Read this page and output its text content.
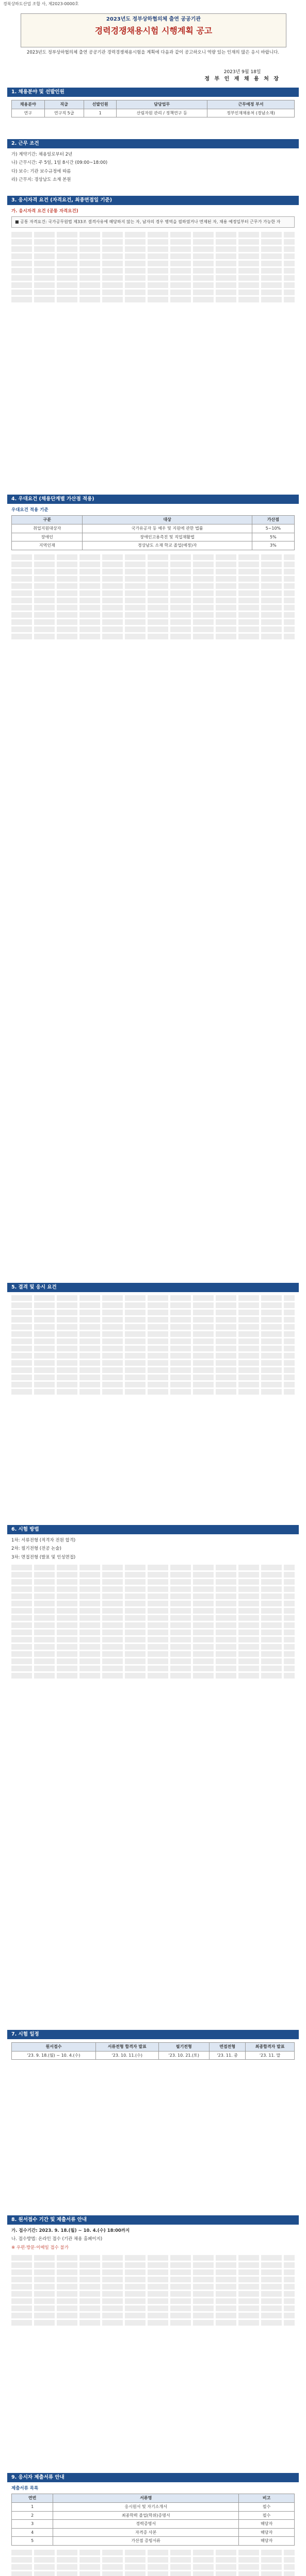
경북상하도산업 조합 사, 제2023-0000호
2023년도 정부상하협의체 출연 공공기관
경력경쟁채용시험 시행계획 공고
2023년도 정부상하협의체 출연 공공기관 경력경쟁채용시험을 계획에 다음과 같이 공고하오니 역량 있는 인재의 많은 응시 바랍니다.
2023년 9월 18일
정 부 인 재 채 용 처 장
1. 채용분야 및 선발인원
채용분야	직급	선발인원	담당업무	근무예정 부서
연구	연구직 5급	1	산림자원 관리 / 정책연구 등	정부인재채용처 (경남소재)
2. 근무 조건

가) 계약기간: 채용일로부터 2년

나) 근무시간: 주 5일, 1일 8시간 (09:00~18:00)

다) 보수: 기관 보수규정에 따름

라) 근무지: 경상남도 소재 본원

3. 응시자격 요건 (자격요건, 최종면접일 기준)

가. 응시자격 요건 (공통 자격요건)

■ 공통 자격요건: 국가공무원법 제33조 결격사유에 해당하지 않는 자, 남자의 경우 병역을 필하였거나 면제된 자, 채용 예정일부터 근무가 가능한 자
4. 우대요건 (채용단계별 가산점 적용)

우대요건 적용 기준

구분	대상	가산점
취업지원대상자	국가유공자 등 예우 및 지원에 관한 법률	5~10%
장애인	장애인고용촉진 및 직업재활법	5%
지역인재	경상남도 소재 학교 졸업(예정)자	3%
5. 결격 및 응시 요건
6. 시험 방법

1차: 서류전형 (적격자 전원 합격)

2차: 필기전형 (전공 논술)

3차: 면접전형 (발표 및 인성면접)

7. 시험 일정
원서접수	서류전형 합격자 발표	필기전형	면접전형	최종합격자 발표
'23. 9. 18.(월) ~ 10. 4.(수)	'23. 10. 11.(수)	'23. 10. 21.(토)	'23. 11. 중	'23. 11. 말
8. 원서접수 기간 및 제출서류 안내

가. 접수기간: 2023. 9. 18.(월) ~ 10. 4.(수) 18:00까지

나. 접수방법: 온라인 접수 (기관 채용 홈페이지)

※ 우편·방문·이메일 접수 불가

9. 응시자 제출서류 안내

제출서류 목록

연번	서류명	비고
1	응시원서 및 자기소개서	필수
2	최종학력 졸업(학위)증명서	필수
3	경력증명서	해당자
4	자격증 사본	해당자
5	가산점 증빙서류	해당자
